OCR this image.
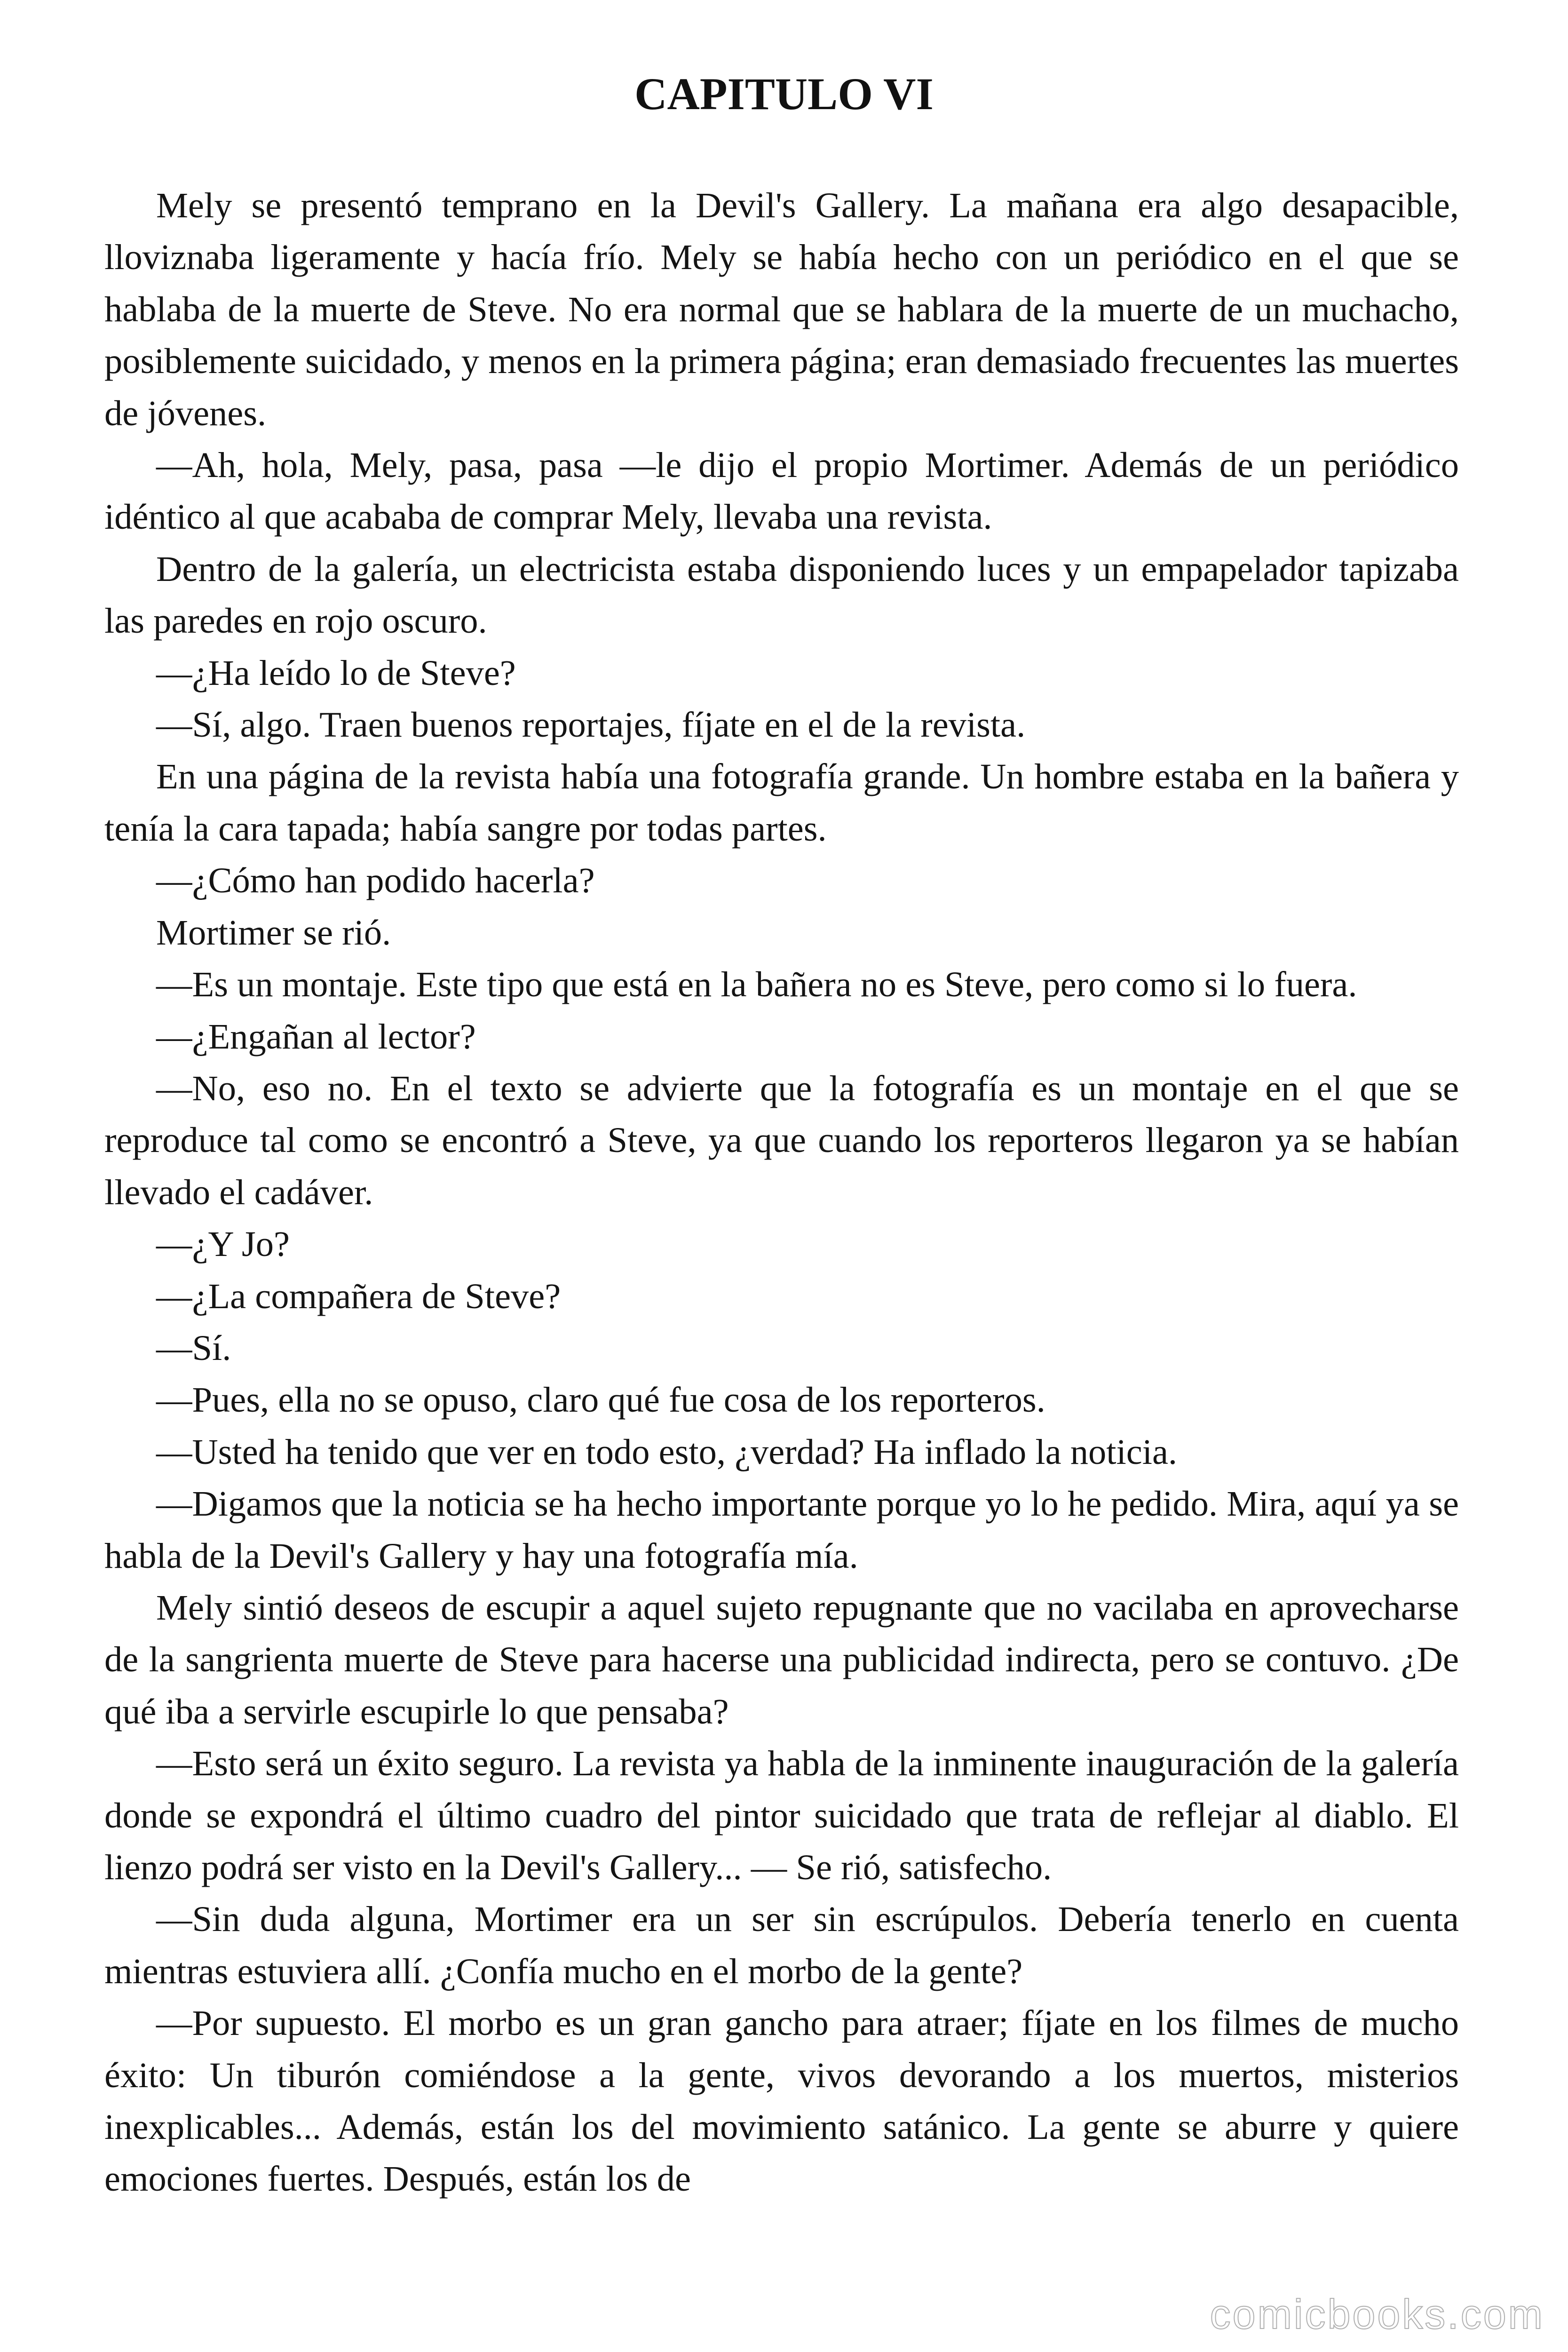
CAPITULO VI

Mely se presentó temprano en la Devil's Gallery. La mañana era algo desapacible, lloviznaba ligeramente y hacía frío. Mely se había hecho con un periódico en el que se hablaba de la muerte de Steve. No era normal que se hablara de la muerte de un muchacho, posiblemente suicidado, y menos en la primera página; eran demasiado frecuentes las muertes de jóvenes.

—Ah, hola, Mely, pasa, pasa —le dijo el propio Mortimer. Además de un periódico idéntico al que acababa de comprar Mely, llevaba una revista.

Dentro de la galería, un electricista estaba disponiendo luces y un empapelador tapizaba las paredes en rojo oscuro.

—¿Ha leído lo de Steve?

—Sí, algo. Traen buenos reportajes, fíjate en el de la revista.

En una página de la revista había una fotografía grande. Un hombre estaba en la bañera y tenía la cara tapada; había sangre por todas partes.

—¿Cómo han podido hacerla?

Mortimer se rió.

—Es un montaje. Este tipo que está en la bañera no es Steve, pero como si lo fuera.

—¿Engañan al lector?

—No, eso no. En el texto se advierte que la fotografía es un montaje en el que se reproduce tal como se encontró a Steve, ya que cuando los reporteros llegaron ya se habían llevado el cadáver.

—¿Y Jo?

—¿La compañera de Steve?

—Sí.

—Pues, ella no se opuso, claro qué fue cosa de los reporteros.

—Usted ha tenido que ver en todo esto, ¿verdad? Ha inflado la noticia.

—Digamos que la noticia se ha hecho importante porque yo lo he pedido. Mira, aquí ya se habla de la Devil's Gallery y hay una fotografía mía.

Mely sintió deseos de escupir a aquel sujeto repugnante que no vacilaba en aprovecharse de la sangrienta muerte de Steve para hacerse una publicidad indirecta, pero se contuvo. ¿De qué iba a servirle escupirle lo que pensaba?

—Esto será un éxito seguro. La revista ya habla de la inminente inauguración de la galería donde se expondrá el último cuadro del pintor suicidado que trata de reflejar al diablo. El lienzo podrá ser visto en la Devil's Gallery... — Se rió, satisfecho.

—Sin duda alguna, Mortimer era un ser sin escrúpulos. Debería tenerlo en cuenta mientras estuviera allí. ¿Confía mucho en el morbo de la gente?

—Por supuesto. El morbo es un gran gancho para atraer; fíjate en los filmes de mucho éxito: Un tiburón comiéndose a la gente, vivos devorando a los muertos, misterios inexplicables... Además, están los del movimiento satánico. La gente se aburre y quiere emociones fuertes. Después, están los de

comicbooks.com
